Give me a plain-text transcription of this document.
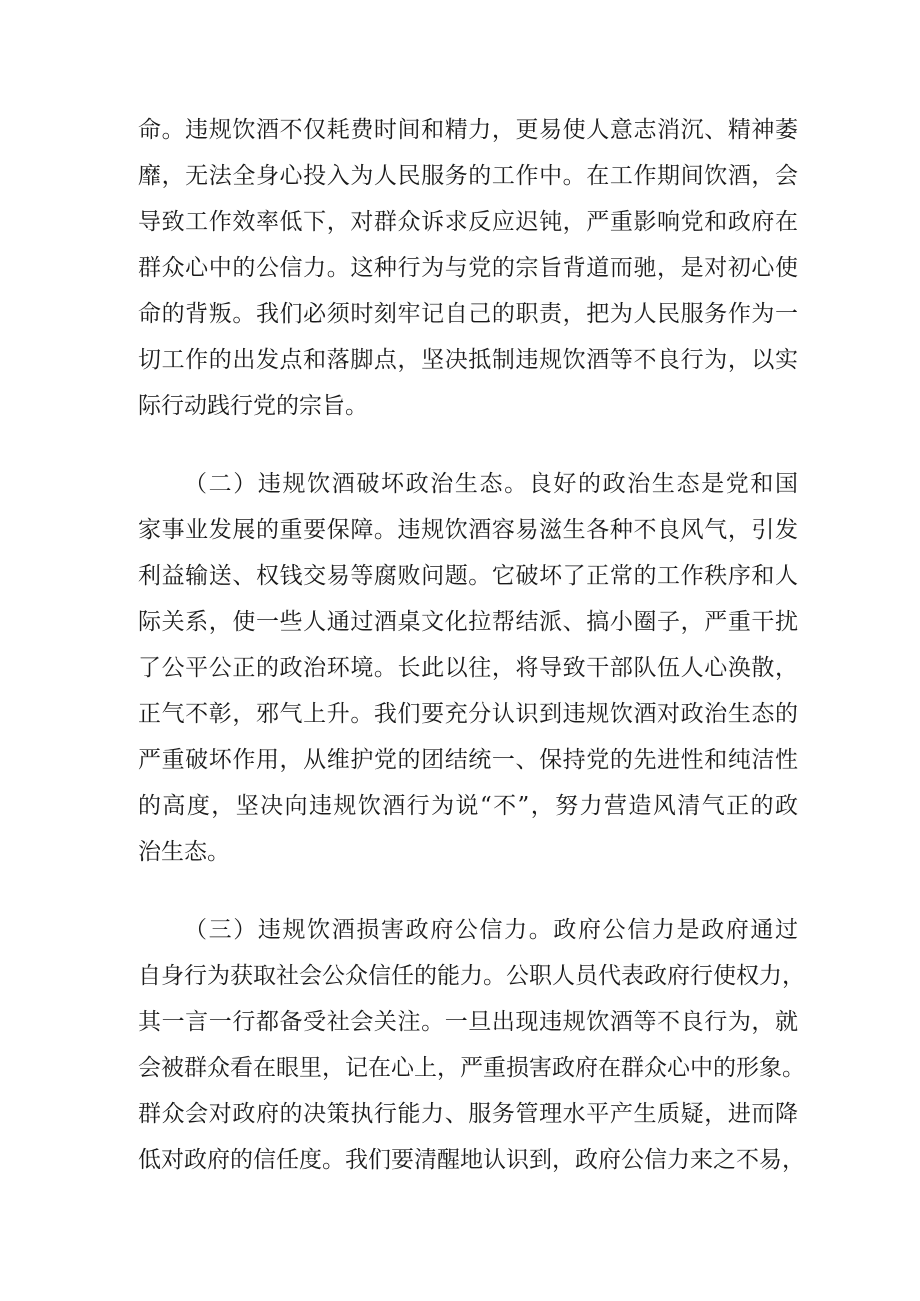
命。违规饮酒不仅耗费时间和精力，更易使人意志消沉、精神萎
靡，无法全身心投入为人民服务的工作中。在工作期间饮酒，会
导致工作效率低下，对群众诉求反应迟钝，严重影响党和政府在
群众心中的公信力。这种行为与党的宗旨背道而驰，是对初心使
命的背叛。我们必须时刻牢记自己的职责，把为人民服务作为一
切工作的出发点和落脚点，坚决抵制违规饮酒等不良行为，以实
际行动践行党的宗旨。
（二）违规饮酒破坏政治生态。良好的政治生态是党和国
家事业发展的重要保障。违规饮酒容易滋生各种不良风气，引发
利益输送、权钱交易等腐败问题。它破坏了正常的工作秩序和人
际关系，使一些人通过酒桌文化拉帮结派、搞小圈子，严重干扰
了公平公正的政治环境。长此以往，将导致干部队伍人心涣散，
正气不彰，邪气上升。我们要充分认识到违规饮酒对政治生态的
严重破坏作用，从维护党的团结统一、保持党的先进性和纯洁性
的高度，坚决向违规饮酒行为说“不”，努力营造风清气正的政
治生态。
（三）违规饮酒损害政府公信力。政府公信力是政府通过
自身行为获取社会公众信任的能力。公职人员代表政府行使权力，
其一言一行都备受社会关注。一旦出现违规饮酒等不良行为，就
会被群众看在眼里，记在心上，严重损害政府在群众心中的形象。
群众会对政府的决策执行能力、服务管理水平产生质疑，进而降
低对政府的信任度。我们要清醒地认识到，政府公信力来之不易，
